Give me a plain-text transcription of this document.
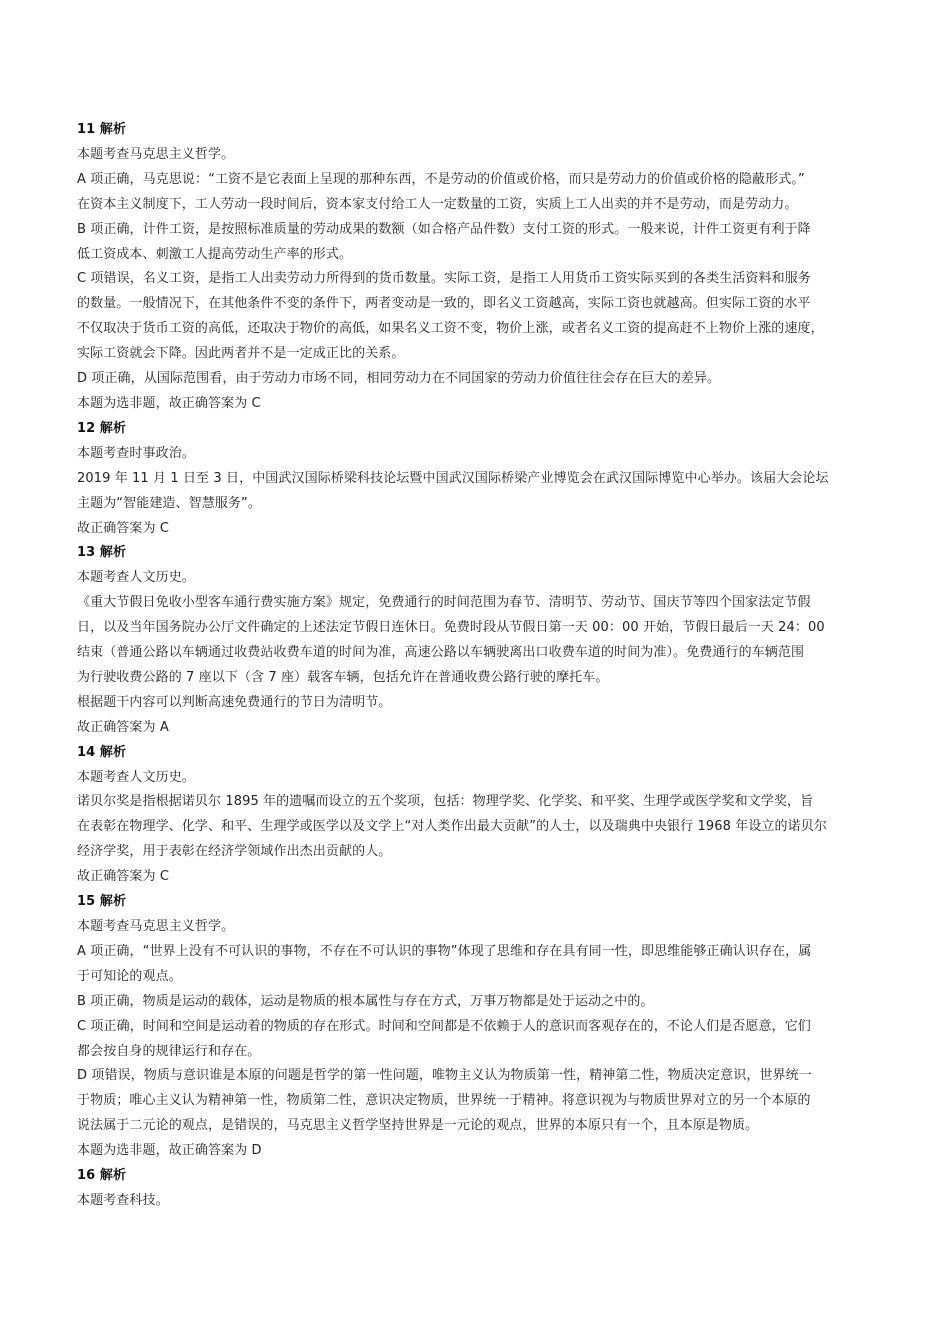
11 解析
本题考查马克思主义哲学。
A 项正确，马克思说：“工资不是它表面上呈现的那种东西，不是劳动的价值或价格，而只是劳动力的价值或价格的隐蔽形式。”
在资本主义制度下，工人劳动一段时间后，资本家支付给工人一定数量的工资，实质上工人出卖的并不是劳动，而是劳动力。
B 项正确，计件工资，是按照标准质量的劳动成果的数额（如合格产品件数）支付工资的形式。一般来说，计件工资更有利于降
低工资成本、刺激工人提高劳动生产率的形式。
C 项错误，名义工资，是指工人出卖劳动力所得到的货币数量。实际工资，是指工人用货币工资实际买到的各类生活资料和服务
的数量。一般情况下，在其他条件不变的条件下，两者变动是一致的，即名义工资越高，实际工资也就越高。但实际工资的水平
不仅取决于货币工资的高低，还取决于物价的高低，如果名义工资不变，物价上涨，或者名义工资的提高赶不上物价上涨的速度，
实际工资就会下降。因此两者并不是一定成正比的关系。
D 项正确，从国际范围看，由于劳动力市场不同，相同劳动力在不同国家的劳动力价值往往会存在巨大的差异。
本题为选非题，故正确答案为 C
12 解析
本题考查时事政治。
2019 年 11 月 1 日至 3 日，中国武汉国际桥梁科技论坛暨中国武汉国际桥梁产业博览会在武汉国际博览中心举办。该届大会论坛
主题为“智能建造、智慧服务”。
故正确答案为 C
13 解析
本题考查人文历史。
《重大节假日免收小型客车通行费实施方案》规定，免费通行的时间范围为春节、清明节、劳动节、国庆节等四个国家法定节假
日，以及当年国务院办公厅文件确定的上述法定节假日连休日。免费时段从节假日第一天 00：00 开始，节假日最后一天 24：00
结束（普通公路以车辆通过收费站收费车道的时间为准，高速公路以车辆驶离出口收费车道的时间为准）。免费通行的车辆范围
为行驶收费公路的 7 座以下（含 7 座）载客车辆，包括允许在普通收费公路行驶的摩托车。
根据题干内容可以判断高速免费通行的节日为清明节。
故正确答案为 A
14 解析
本题考查人文历史。
诺贝尔奖是指根据诺贝尔 1895 年的遗嘱而设立的五个奖项，包括：物理学奖、化学奖、和平奖、生理学或医学奖和文学奖，旨
在表彰在物理学、化学、和平、生理学或医学以及文学上“对人类作出最大贡献”的人士，以及瑞典中央银行 1968 年设立的诺贝尔
经济学奖，用于表彰在经济学领域作出杰出贡献的人。
故正确答案为 C
15 解析
本题考查马克思主义哲学。
A 项正确，“世界上没有不可认识的事物，不存在不可认识的事物”体现了思维和存在具有同一性，即思维能够正确认识存在，属
于可知论的观点。
B 项正确，物质是运动的载体，运动是物质的根本属性与存在方式，万事万物都是处于运动之中的。
C 项正确，时间和空间是运动着的物质的存在形式。时间和空间都是不依赖于人的意识而客观存在的，不论人们是否愿意，它们
都会按自身的规律运行和存在。
D 项错误，物质与意识谁是本原的问题是哲学的第一性问题，唯物主义认为物质第一性，精神第二性，物质决定意识，世界统一
于物质；唯心主义认为精神第一性，物质第二性，意识决定物质，世界统一于精神。将意识视为与物质世界对立的另一个本原的
说法属于二元论的观点，是错误的，马克思主义哲学坚持世界是一元论的观点，世界的本原只有一个，且本原是物质。
本题为选非题，故正确答案为 D
16 解析
本题考查科技。
